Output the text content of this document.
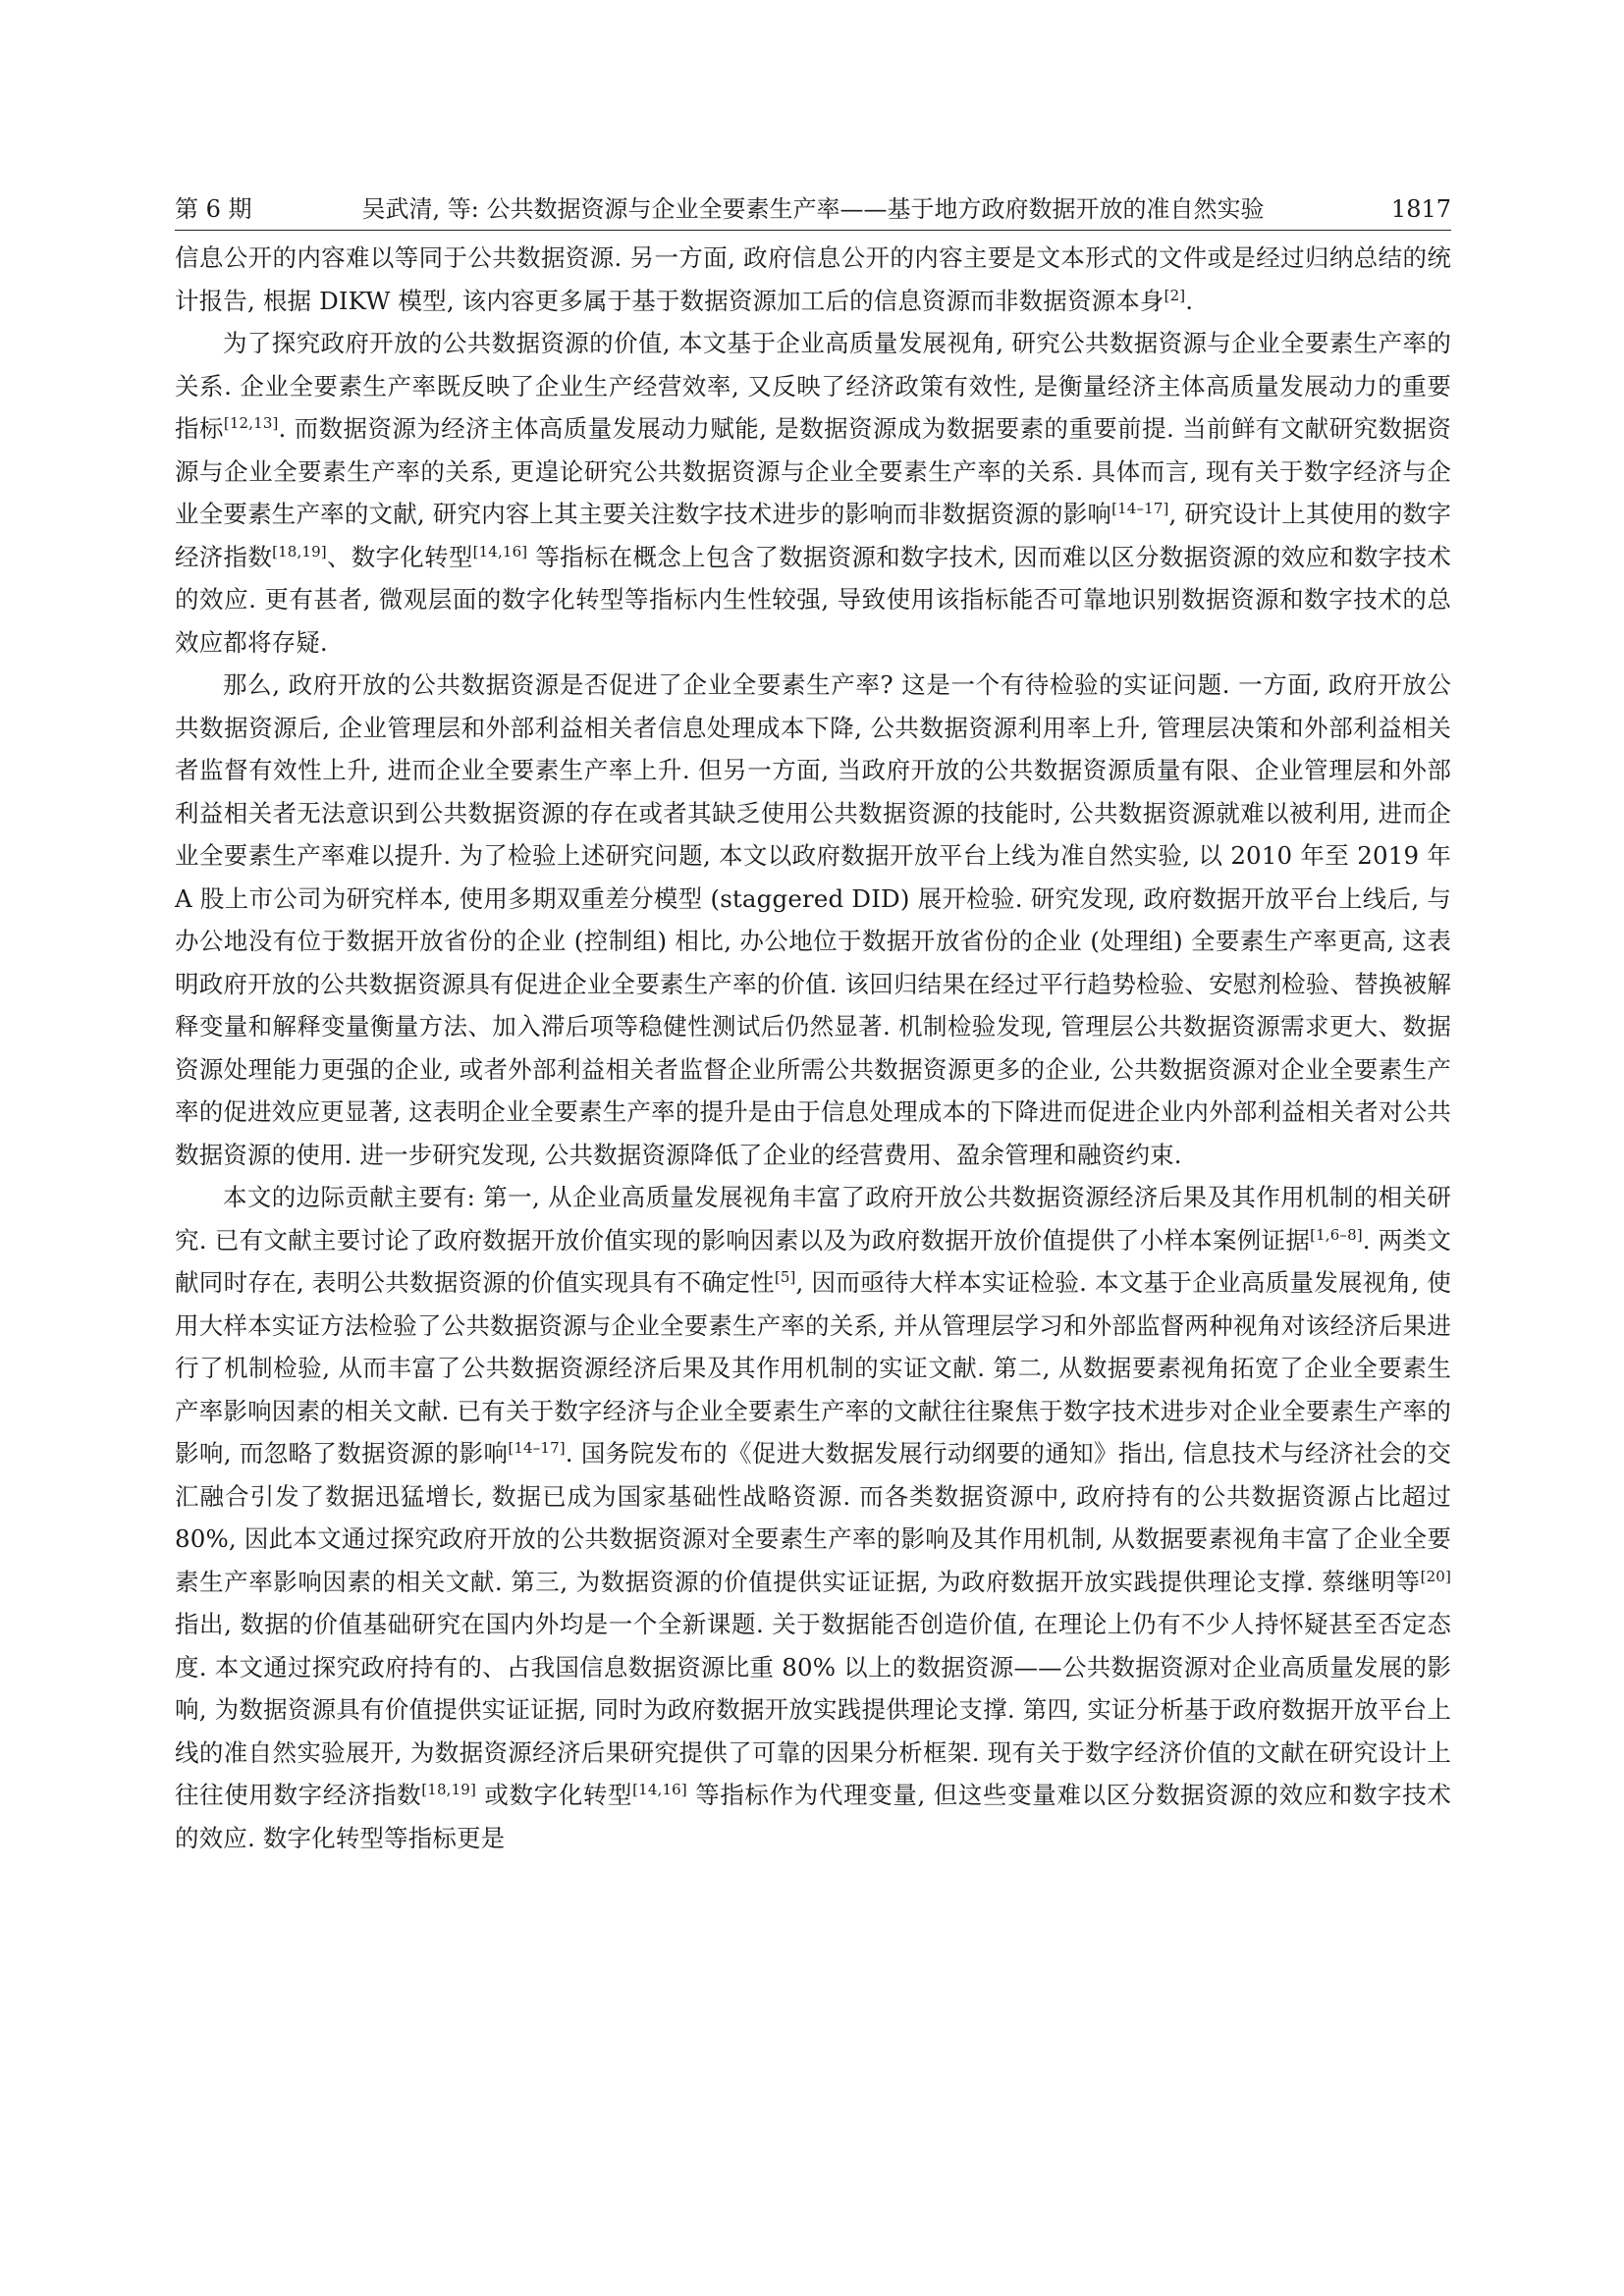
第 6 期	吴武清, 等: 公共数据资源与企业全要素生产率——基于地方政府数据开放的准自然实验	1817

信息公开的内容难以等同于公共数据资源. 另一方面, 政府信息公开的内容主要是文本形式的文件或是经过归纳总结的统计报告, 根据 DIKW 模型, 该内容更多属于基于数据资源加工后的信息资源而非数据资源本身[2].

为了探究政府开放的公共数据资源的价值, 本文基于企业高质量发展视角, 研究公共数据资源与企业全要素生产率的关系. 企业全要素生产率既反映了企业生产经营效率, 又反映了经济政策有效性, 是衡量经济主体高质量发展动力的重要指标[12,13]. 而数据资源为经济主体高质量发展动力赋能, 是数据资源成为数据要素的重要前提. 当前鲜有文献研究数据资源与企业全要素生产率的关系, 更遑论研究公共数据资源与企业全要素生产率的关系. 具体而言, 现有关于数字经济与企业全要素生产率的文献, 研究内容上其主要关注数字技术进步的影响而非数据资源的影响[14–17], 研究设计上其使用的数字经济指数[18,19]、数字化转型[14,16] 等指标在概念上包含了数据资源和数字技术, 因而难以区分数据资源的效应和数字技术的效应. 更有甚者, 微观层面的数字化转型等指标内生性较强, 导致使用该指标能否可靠地识别数据资源和数字技术的总效应都将存疑.

那么, 政府开放的公共数据资源是否促进了企业全要素生产率? 这是一个有待检验的实证问题. 一方面, 政府开放公共数据资源后, 企业管理层和外部利益相关者信息处理成本下降, 公共数据资源利用率上升, 管理层决策和外部利益相关者监督有效性上升, 进而企业全要素生产率上升. 但另一方面, 当政府开放的公共数据资源质量有限、企业管理层和外部利益相关者无法意识到公共数据资源的存在或者其缺乏使用公共数据资源的技能时, 公共数据资源就难以被利用, 进而企业全要素生产率难以提升. 为了检验上述研究问题, 本文以政府数据开放平台上线为准自然实验, 以 2010 年至 2019 年 A 股上市公司为研究样本, 使用多期双重差分模型 (staggered DID) 展开检验. 研究发现, 政府数据开放平台上线后, 与办公地没有位于数据开放省份的企业 (控制组) 相比, 办公地位于数据开放省份的企业 (处理组) 全要素生产率更高, 这表明政府开放的公共数据资源具有促进企业全要素生产率的价值. 该回归结果在经过平行趋势检验、安慰剂检验、替换被解释变量和解释变量衡量方法、加入滞后项等稳健性测试后仍然显著. 机制检验发现, 管理层公共数据资源需求更大、数据资源处理能力更强的企业, 或者外部利益相关者监督企业所需公共数据资源更多的企业, 公共数据资源对企业全要素生产率的促进效应更显著, 这表明企业全要素生产率的提升是由于信息处理成本的下降进而促进企业内外部利益相关者对公共数据资源的使用. 进一步研究发现, 公共数据资源降低了企业的经营费用、盈余管理和融资约束.

本文的边际贡献主要有: 第一, 从企业高质量发展视角丰富了政府开放公共数据资源经济后果及其作用机制的相关研究. 已有文献主要讨论了政府数据开放价值实现的影响因素以及为政府数据开放价值提供了小样本案例证据[1,6–8]. 两类文献同时存在, 表明公共数据资源的价值实现具有不确定性[5], 因而亟待大样本实证检验. 本文基于企业高质量发展视角, 使用大样本实证方法检验了公共数据资源与企业全要素生产率的关系, 并从管理层学习和外部监督两种视角对该经济后果进行了机制检验, 从而丰富了公共数据资源经济后果及其作用机制的实证文献. 第二, 从数据要素视角拓宽了企业全要素生产率影响因素的相关文献. 已有关于数字经济与企业全要素生产率的文献往往聚焦于数字技术进步对企业全要素生产率的影响, 而忽略了数据资源的影响[14–17]. 国务院发布的《促进大数据发展行动纲要的通知》指出, 信息技术与经济社会的交汇融合引发了数据迅猛增长, 数据已成为国家基础性战略资源. 而各类数据资源中, 政府持有的公共数据资源占比超过 80%, 因此本文通过探究政府开放的公共数据资源对全要素生产率的影响及其作用机制, 从数据要素视角丰富了企业全要素生产率影响因素的相关文献. 第三, 为数据资源的价值提供实证证据, 为政府数据开放实践提供理论支撑. 蔡继明等[20] 指出, 数据的价值基础研究在国内外均是一个全新课题. 关于数据能否创造价值, 在理论上仍有不少人持怀疑甚至否定态度. 本文通过探究政府持有的、占我国信息数据资源比重 80% 以上的数据资源——公共数据资源对企业高质量发展的影响, 为数据资源具有价值提供实证证据, 同时为政府数据开放实践提供理论支撑. 第四, 实证分析基于政府数据开放平台上线的准自然实验展开, 为数据资源经济后果研究提供了可靠的因果分析框架. 现有关于数字经济价值的文献在研究设计上往往使用数字经济指数[18,19] 或数字化转型[14,16] 等指标作为代理变量, 但这些变量难以区分数据资源的效应和数字技术的效应. 数字化转型等指标更是
